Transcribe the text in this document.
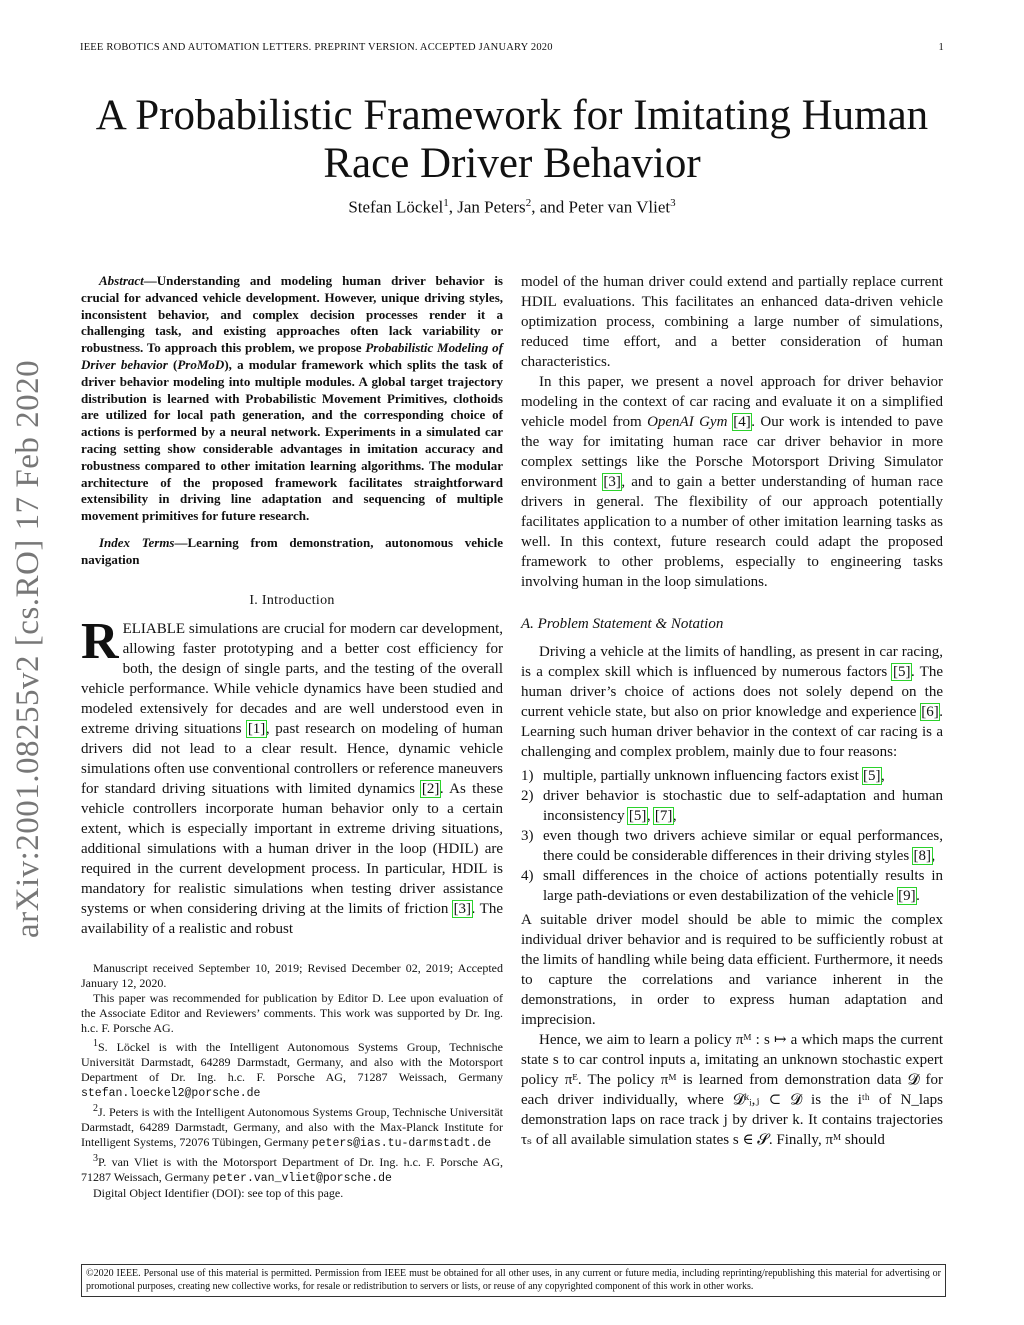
IEEE ROBOTICS AND AUTOMATION LETTERS. PREPRINT VERSION. ACCEPTED JANUARY 2020	1
arXiv:2001.08255v2 [cs.RO] 17 Feb 2020
A Probabilistic Framework for Imitating Human
Race Driver Behavior
Stefan Löckel$^1$, Jan Peters$^2$, and Peter van Vliet$^3$
Abstract—Understanding and modeling human driver behavior is crucial for advanced vehicle development. However, unique driving styles, inconsistent behavior, and complex decision processes render it a challenging task, and existing approaches often lack variability or robustness. To approach this problem, we propose Probabilistic Modeling of Driver behavior (ProMoD), a modular framework which splits the task of driver behavior modeling into multiple modules. A global target trajectory distribution is learned with Probabilistic Movement Primitives, clothoids are utilized for local path generation, and the corresponding choice of actions is performed by a neural network. Experiments in a simulated car racing setting show considerable advantages in imitation accuracy and robustness compared to other imitation learning algorithms. The modular architecture of the proposed framework facilitates straightforward extensibility in driving line adaptation and sequencing of multiple movement primitives for future research.
Index Terms—Learning from demonstration, autonomous vehicle navigation
I. Introduction

RELIABLE simulations are crucial for modern car development, allowing faster prototyping and a better cost efficiency for both, the design of single parts, and the testing of the overall vehicle performance. While vehicle dynamics have been studied and modeled extensively for decades and are well understood even in extreme driving situations [1], past research on modeling of human drivers did not lead to a clear result. Hence, dynamic vehicle simulations often use conventional controllers or reference maneuvers for standard driving situations with limited dynamics [2]. As these vehicle controllers incorporate human behavior only to a certain extent, which is especially important in extreme driving situations, additional simulations with a human driver in the loop (HDIL) are required in the current development process. In particular, HDIL is mandatory for realistic simulations when testing driver assistance systems or when considering driving at the limits of friction [3]. The availability of a realistic and robust

Manuscript received September 10, 2019; Revised December 02, 2019; Accepted January 12, 2020.

This paper was recommended for publication by Editor D. Lee upon evaluation of the Associate Editor and Reviewers’ comments. This work was supported by Dr. Ing. h.c. F. Porsche AG.

$^1$S. Löckel is with the Intelligent Autonomous Systems Group, Technische Universität Darmstadt, 64289 Darmstadt, Germany, and also with the Motorsport Department of Dr. Ing. h.c. F. Porsche AG, 71287 Weissach, Germany stefan.loeckel2@porsche.de

$^2$J. Peters is with the Intelligent Autonomous Systems Group, Technische Universität Darmstadt, 64289 Darmstadt, Germany, and also with the Max-Planck Institute for Intelligent Systems, 72076 Tübingen, Germany peters@ias.tu-darmstadt.de

$^3$P. van Vliet is with the Motorsport Department of Dr. Ing. h.c. F. Porsche AG, 71287 Weissach, Germany peter.van_vliet@porsche.de

Digital Object Identifier (DOI): see top of this page.

model of the human driver could extend and partially replace current HDIL evaluations. This facilitates an enhanced data-driven vehicle optimization process, combining a large number of simulations, reduced time effort, and a better consideration of human characteristics.

In this paper, we present a novel approach for driver behavior modeling in the context of car racing and evaluate it on a simplified vehicle model from OpenAI Gym [4]. Our work is intended to pave the way for imitating human race car driver behavior in more complex settings like the Porsche Motorsport Driving Simulator environment [3], and to gain a better understanding of human race drivers in general. The flexibility of our approach potentially facilitates application to a number of other imitation learning tasks as well. In this context, future research could adapt the proposed framework to other problems, especially to engineering tasks involving human in the loop simulations.

A. Problem Statement & Notation

Driving a vehicle at the limits of handling, as present in car racing, is a complex skill which is influenced by numerous factors [5]. The human driver’s choice of actions does not solely depend on the current vehicle state, but also on prior knowledge and experience [6]. Learning such human driver behavior in the context of car racing is a challenging and complex problem, mainly due to four reasons:

1) multiple, partially unknown influencing factors exist [5],
2) driver behavior is stochastic due to self-adaptation and human inconsistency [5], [7],
3) even though two drivers achieve similar or equal performances, there could be considerable differences in their driving styles [8],
4) small differences in the choice of actions potentially results in large path-deviations or even destabilization of the vehicle [9].

A suitable driver model should be able to mimic the complex individual driver behavior and is required to be sufficiently robust at the limits of handling while being data efficient. Furthermore, it needs to capture the correlations and variance inherent in the demonstrations, in order to express human adaptation and imprecision.

Hence, we aim to learn a policy πᴹ : s ↦ a which maps the current state s to car control inputs a, imitating an unknown stochastic expert policy πᴱ. The policy πᴹ is learned from demonstration data 𝓓 for each driver individually, where 𝓓ᵏᵢ,ⱼ ⊂ 𝓓 is the iᵗʰ of N_laps demonstration laps on race track j by driver k. It contains trajectories τₛ of all available simulation states s ∈ 𝓢. Finally, πᴹ should

©2020 IEEE. Personal use of this material is permitted. Permission from IEEE must be obtained for all other uses, in any current or future media, including reprinting/republishing this material for advertising or promotional purposes, creating new collective works, for resale or redistribution to servers or lists, or reuse of any copyrighted component of this work in other works.
